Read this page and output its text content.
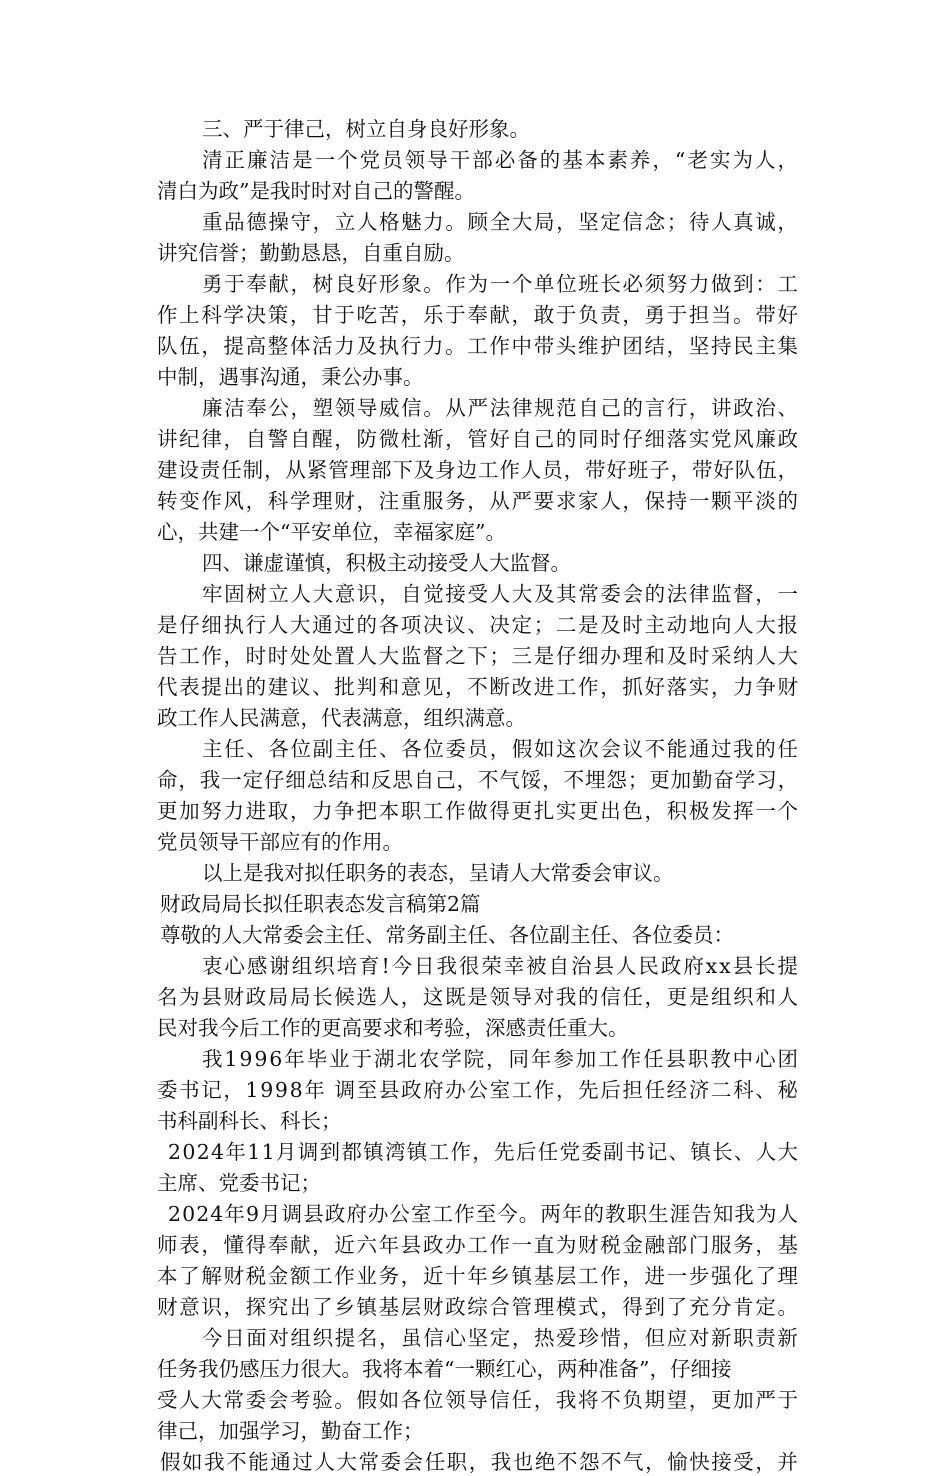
三、严于律己，树立自身良好形象。
清正廉洁是一个党员领导干部必备的基本素养，“老实为人，
清白为政”是我时时对自己的警醒。
重品德操守，立人格魅力。顾全大局，坚定信念；待人真诚，
讲究信誉；勤勤恳恳，自重自励。
勇于奉献，树良好形象。作为一个单位班长必须努力做到：工
作上科学决策，甘于吃苦，乐于奉献，敢于负责，勇于担当。带好
队伍，提高整体活力及执行力。工作中带头维护团结，坚持民主集
中制，遇事沟通，秉公办事。
廉洁奉公，塑领导威信。从严法律规范自己的言行，讲政治、
讲纪律，自警自醒，防微杜渐，管好自己的同时仔细落实党风廉政
建设责任制，从紧管理部下及身边工作人员，带好班子，带好队伍，
转变作风，科学理财，注重服务，从严要求家人，保持一颗平淡的
心，共建一个“平安单位，幸福家庭”。
四、谦虚谨慎，积极主动接受人大监督。
牢固树立人大意识，自觉接受人大及其常委会的法律监督，一
是仔细执行人大通过的各项决议、决定；二是及时主动地向人大报
告工作，时时处处置人大监督之下；三是仔细办理和及时采纳人大
代表提出的建议、批判和意见，不断改进工作，抓好落实，力争财
政工作人民满意，代表满意，组织满意。
主任、各位副主任、各位委员，假如这次会议不能通过我的任
命，我一定仔细总结和反思自己，不气馁，不埋怨；更加勤奋学习，
更加努力进取，力争把本职工作做得更扎实更出色，积极发挥一个
党员领导干部应有的作用。
以上是我对拟任职务的表态，呈请人大常委会审议。
财政局局长拟任职表态发言稿第2篇
尊敬的人大常委会主任、常务副主任、各位副主任、各位委员：
衷心感谢组织培育!今日我很荣幸被自治县人民政府xx县长提
名为县财政局局长候选人，这既是领导对我的信任，更是组织和人
民对我今后工作的更高要求和考验，深感责任重大。
我1996年毕业于湖北农学院，同年参加工作任县职教中心团
委书记，1998年 调至县政府办公室工作，先后担任经济二科、秘
书科副科长、科长；
2024年11月调到都镇湾镇工作，先后任党委副书记、镇长、人大
主席、党委书记；
2024年9月调县政府办公室工作至今。两年的教职生涯告知我为人
师表，懂得奉献，近六年县政办工作一直为财税金融部门服务，基
本了解财税金额工作业务，近十年乡镇基层工作，进一步强化了理
财意识，探究出了乡镇基层财政综合管理模式，得到了充分肯定。
今日面对组织提名，虽信心坚定，热爱珍惜，但应对新职责新
任务我仍感压力很大。我将本着“一颗红心，两种准备”，仔细接
受人大常委会考验。假如各位领导信任，我将不负期望，更加严于
律己，加强学习，勤奋工作；
假如我不能通过人大常委会任职，我也绝不怨不气，愉快接受，并
